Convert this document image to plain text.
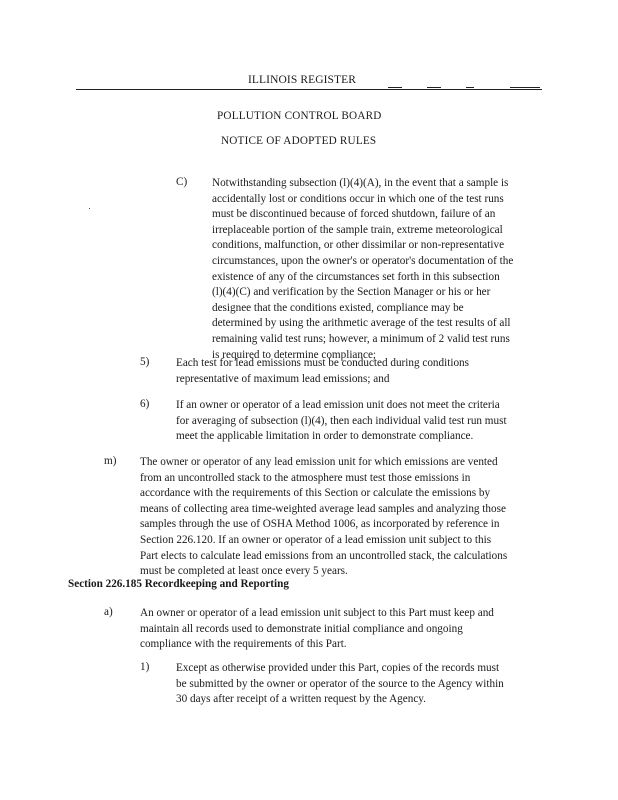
ILLINOIS REGISTER
POLLUTION CONTROL BOARD
NOTICE OF ADOPTED RULES
C) Notwithstanding subsection (l)(4)(A), in the event that a sample is
accidentally lost or conditions occur in which one of the test runs
must be discontinued because of forced shutdown, failure of an
irreplaceable portion of the sample train, extreme meteorological
conditions, malfunction, or other dissimilar or non-representative
circumstances, upon the owner's or operator's documentation of the
existence of any of the circumstances set forth in this subsection
(l)(4)(C) and verification by the Section Manager or his or her
designee that the conditions existed, compliance may be
determined by using the arithmetic average of the test results of all
remaining valid test runs; however, a minimum of 2 valid test runs
is required to determine compliance;
5) Each test for lead emissions must be conducted during conditions
representative of maximum lead emissions; and
6) If an owner or operator of a lead emission unit does not meet the criteria
for averaging of subsection (l)(4), then each individual valid test run must
meet the applicable limitation in order to demonstrate compliance.
m) The owner or operator of any lead emission unit for which emissions are vented
from an uncontrolled stack to the atmosphere must test those emissions in
accordance with the requirements of this Section or calculate the emissions by
means of collecting area time-weighted average lead samples and analyzing those
samples through the use of OSHA Method 1006, as incorporated by reference in
Section 226.120. If an owner or operator of a lead emission unit subject to this
Part elects to calculate lead emissions from an uncontrolled stack, the calculations
must be completed at least once every 5 years.
Section 226.185 Recordkeeping and Reporting
a) An owner or operator of a lead emission unit subject to this Part must keep and
maintain all records used to demonstrate initial compliance and ongoing
compliance with the requirements of this Part.
1) Except as otherwise provided under this Part, copies of the records must
be submitted by the owner or operator of the source to the Agency within
30 days after receipt of a written request by the Agency.
